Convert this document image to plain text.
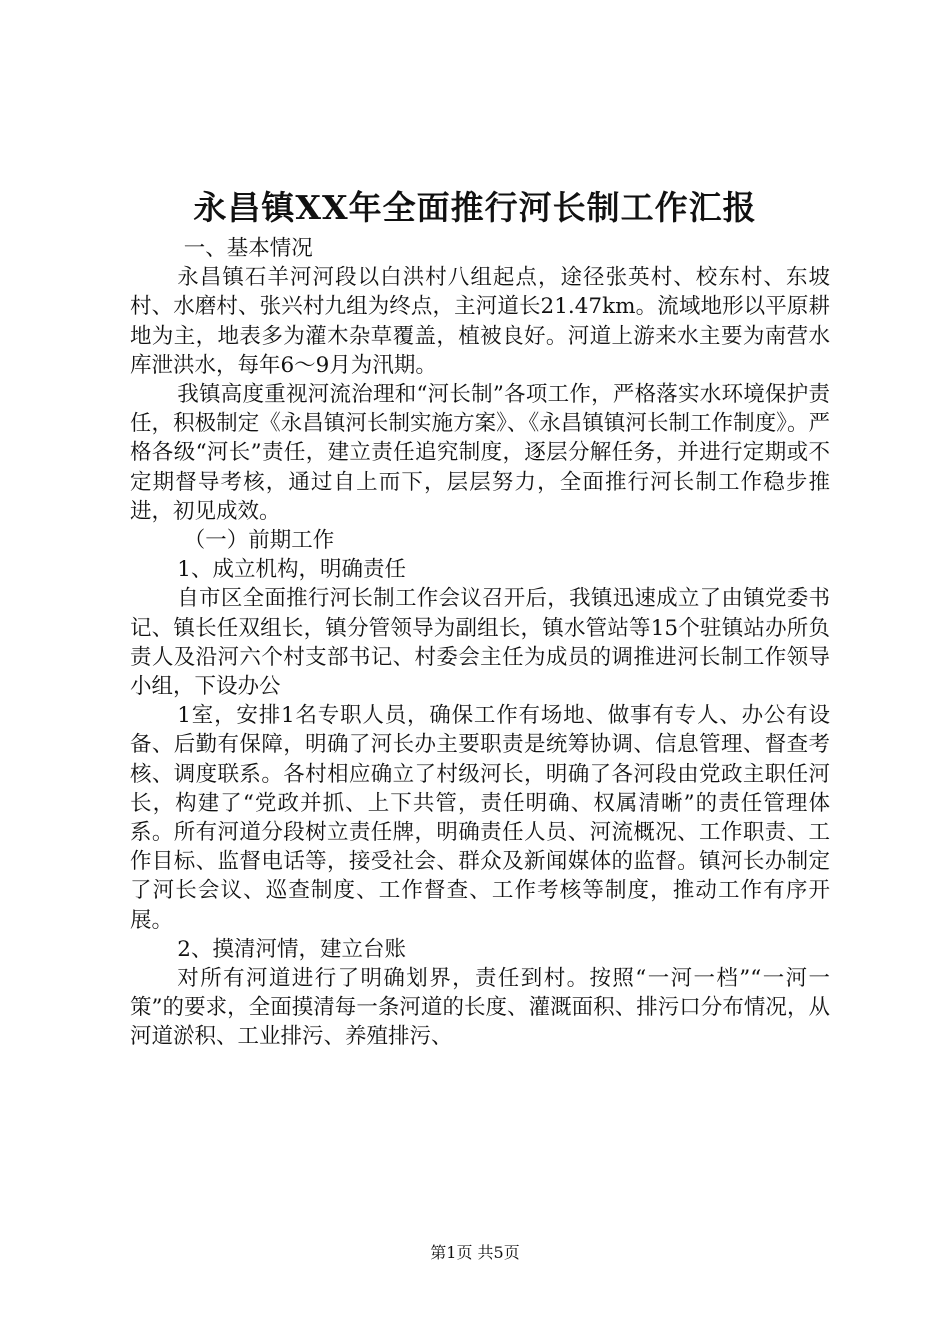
永昌镇XX年全面推行河长制工作汇报

一、基本情况

永昌镇石羊河河段以白洪村八组起点，途径张英村、校东村、东坡村、水磨村、张兴村九组为终点，主河道长21.47km。流域地形以平原耕地为主，地表多为灌木杂草覆盖，植被良好。河道上游来水主要为南营水库泄洪水，每年6～9月为汛期。

我镇高度重视河流治理和“河长制”各项工作，严格落实水环境保护责任，积极制定《永昌镇河长制实施方案》、《永昌镇镇河长制工作制度》。严格各级“河长”责任，建立责任追究制度，逐层分解任务，并进行定期或不定期督导考核，通过自上而下，层层努力，全面推行河长制工作稳步推进，初见成效。

（一）前期工作

1、成立机构，明确责任

自市区全面推行河长制工作会议召开后，我镇迅速成立了由镇党委书记、镇长任双组长，镇分管领导为副组长，镇水管站等15个驻镇站办所负责人及沿河六个村支部书记、村委会主任为成员的调推进河长制工作领导小组，下设办公

1室，安排1名专职人员，确保工作有场地、做事有专人、办公有设备、后勤有保障，明确了河长办主要职责是统筹协调、信息管理、督查考核、调度联系。各村相应确立了村级河长，明确了各河段由党政主职任河长，构建了“党政并抓、上下共管，责任明确、权属清晰”的责任管理体系。所有河道分段树立责任牌，明确责任人员、河流概况、工作职责、工作目标、监督电话等，接受社会、群众及新闻媒体的监督。镇河长办制定了河长会议、巡查制度、工作督查、工作考核等制度，推动工作有序开展。

2、摸清河情，建立台账

对所有河道进行了明确划界，责任到村。按照“一河一档”“一河一策”的要求，全面摸清每一条河道的长度、灌溉面积、排污口分布情况，从河道淤积、工业排污、养殖排污、

第1页 共5页
